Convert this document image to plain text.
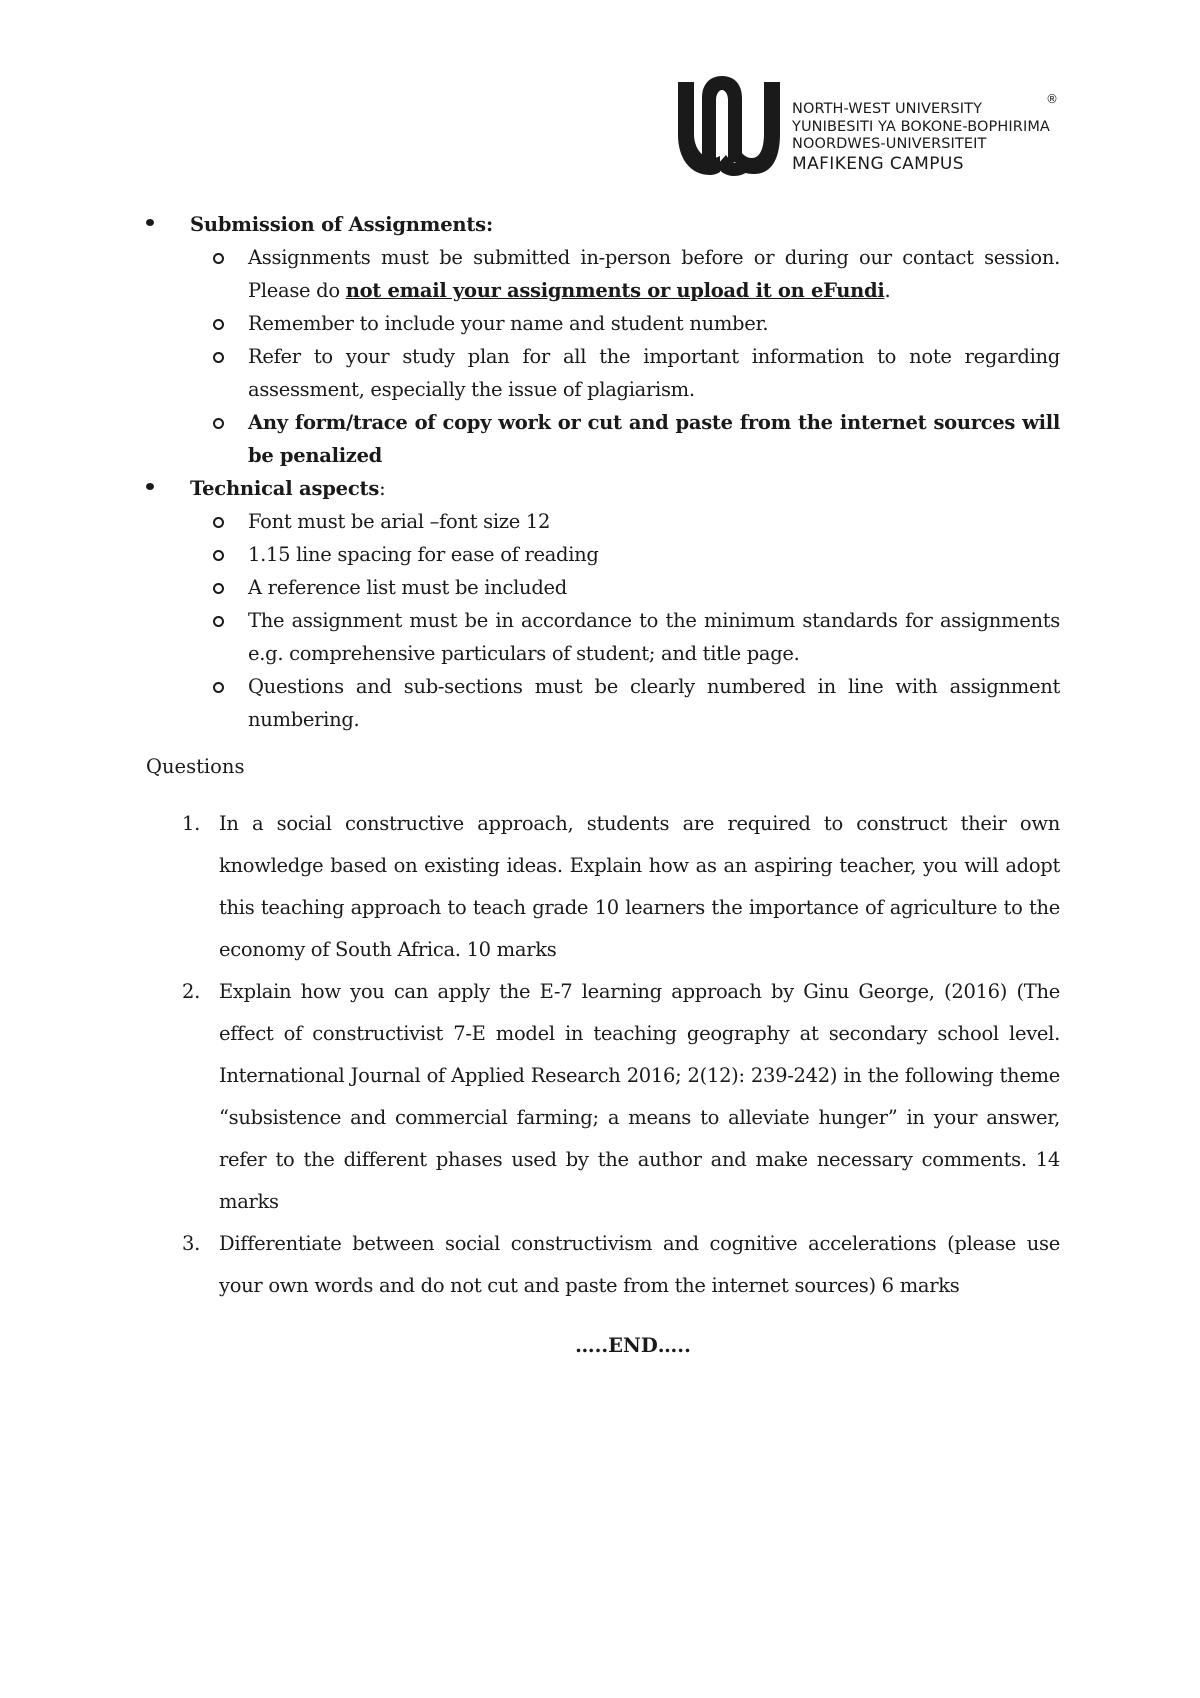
NORTH-WEST UNIVERSITY
YUNIBESITI YA BOKONE-BOPHIRIMA
NOORDWES-UNIVERSITEIT
MAFIKENG CAMPUS
®
Submission of Assignments:
Assignments must be submitted in-person before or during our contact session. Please do not email your assignments or upload it on eFundi.
Remember to include your name and student number.
Refer to your study plan for all the important information to note regarding assessment, especially the issue of plagiarism.
Any form/trace of copy work or cut and paste from the internet sources will be penalized
Technical aspects:
Font must be arial –font size 12
1.15 line spacing for ease of reading
A reference list must be included
The assignment must be in accordance to the minimum standards for assignments e.g. comprehensive particulars of student; and title page.
Questions and sub-sections must be clearly numbered in line with assignment numbering.
Questions
1. In a social constructive approach, students are required to construct their own knowledge based on existing ideas. Explain how as an aspiring teacher, you will adopt this teaching approach to teach grade 10 learners the importance of agriculture to the economy of South Africa. 10 marks
2. Explain how you can apply the E-7 learning approach by Ginu George, (2016) (The effect of constructivist 7-E model in teaching geography at secondary school level. International Journal of Applied Research 2016; 2(12): 239-242) in the following theme “subsistence and commercial farming; a means to alleviate hunger” in your answer, refer to the different phases used by the author and make necessary comments. 14 marks
3. Differentiate between social constructivism and cognitive accelerations (please use your own words and do not cut and paste from the internet sources) 6 marks
…..END…..
